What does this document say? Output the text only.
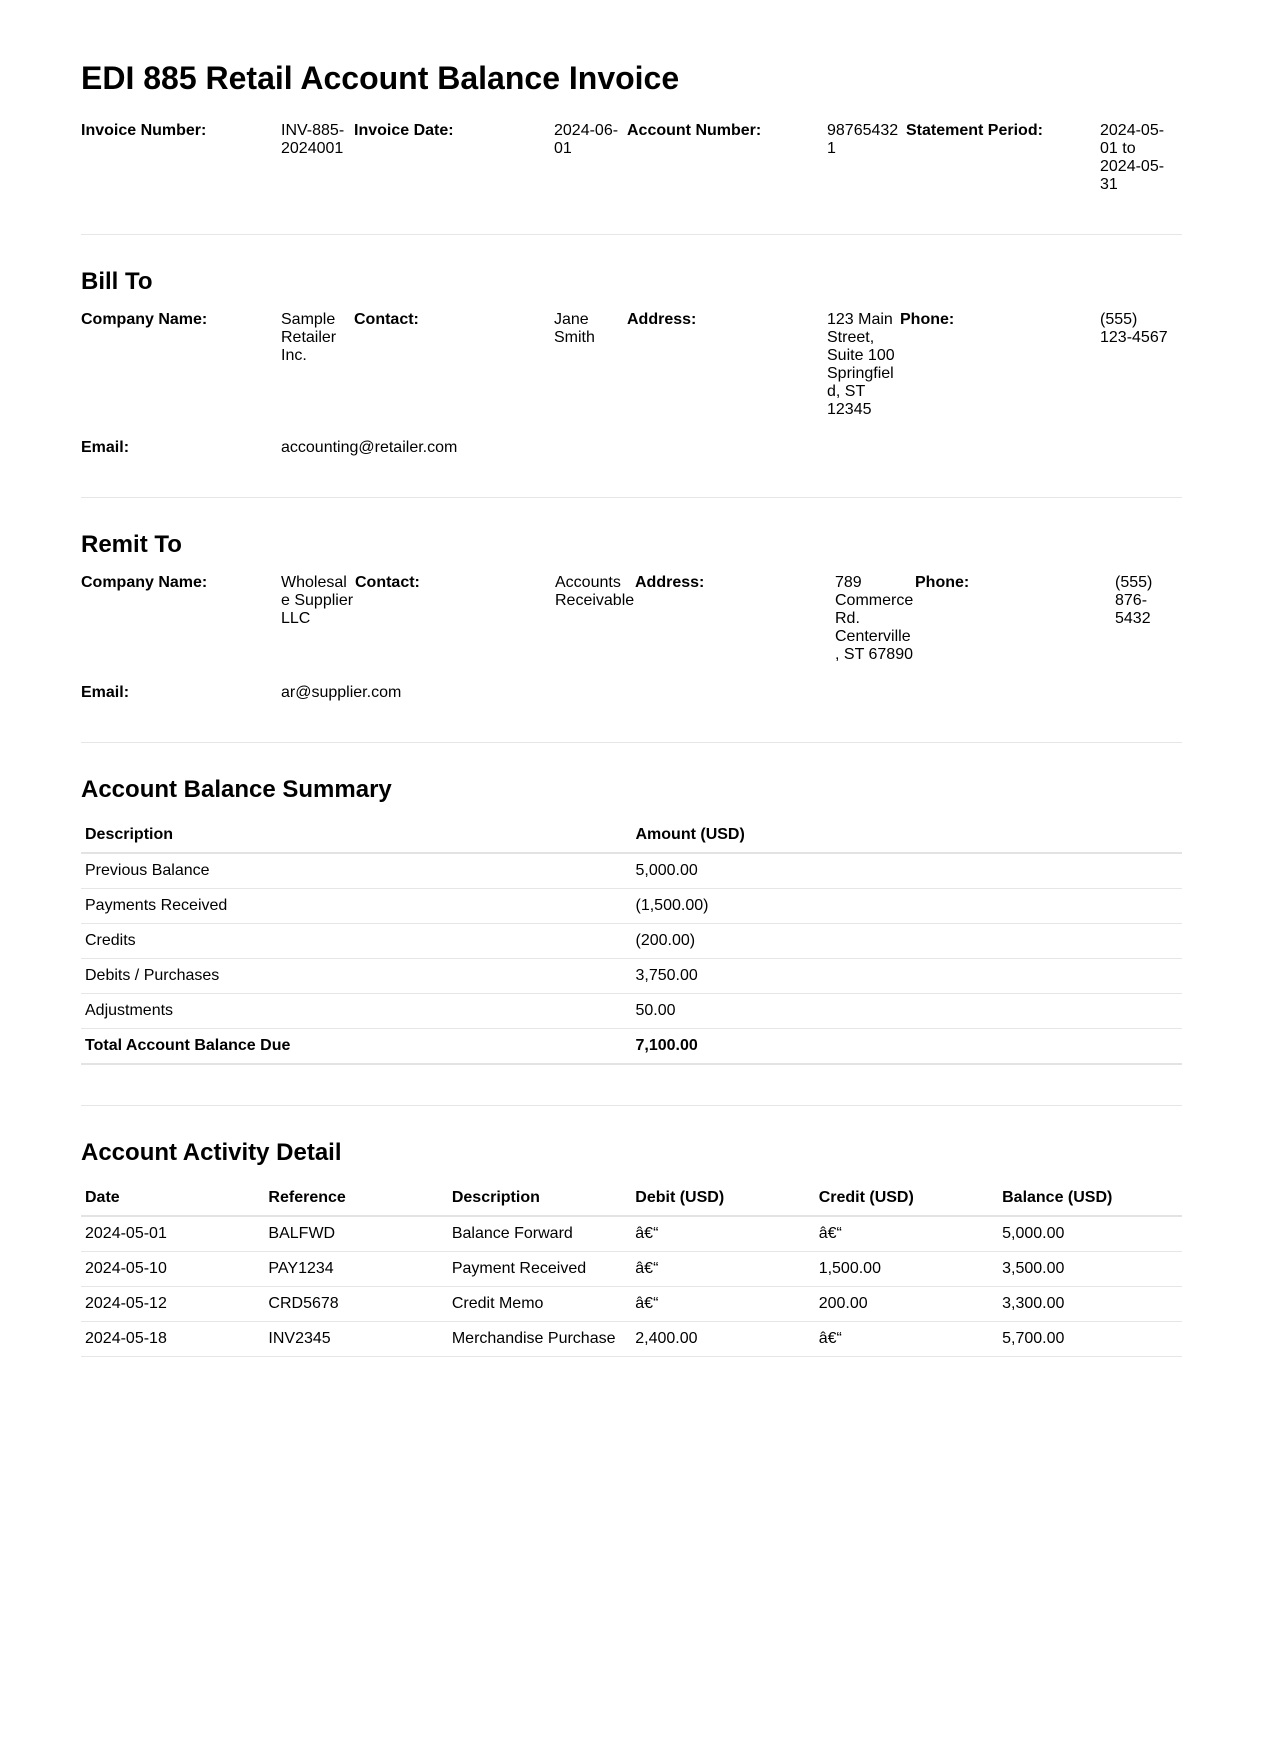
EDI 885 Retail Account Balance Invoice
Invoice Number:	INV-885-2024001
Invoice Date:	2024-06-01
Account Number:	987654321
Statement Period:	2024-05-01 to 2024-05-31
Bill To
Company Name:	Sample Retailer Inc.
Contact:	Jane Smith
Address:	123 Main Street, Suite 100 Springfield, ST 12345
Phone:	(555) 123-4567
Email:	accounting@retailer.com
Remit To
Company Name:	Wholesale Supplier LLC
Contact:	Accounts Receivable
Address:	789 Commerce Rd. Centerville, ST 67890
Phone:	(555) 876-5432
Email:	ar@supplier.com
Account Balance Summary
Description	Amount (USD)
Previous Balance	5,000.00
Payments Received	(1,500.00)
Credits	(200.00)
Debits / Purchases	3,750.00
Adjustments	50.00
Total Account Balance Due	7,100.00
Account Activity Detail
Date	Reference	Description	Debit (USD)	Credit (USD)	Balance (USD)
2024-05-01	BALFWD	Balance Forward	â€“	â€“	5,000.00
2024-05-10	PAY1234	Payment Received	â€“	1,500.00	3,500.00
2024-05-12	CRD5678	Credit Memo	â€“	200.00	3,300.00
2024-05-18	INV2345	Merchandise Purchase	2,400.00	â€“	5,700.00
